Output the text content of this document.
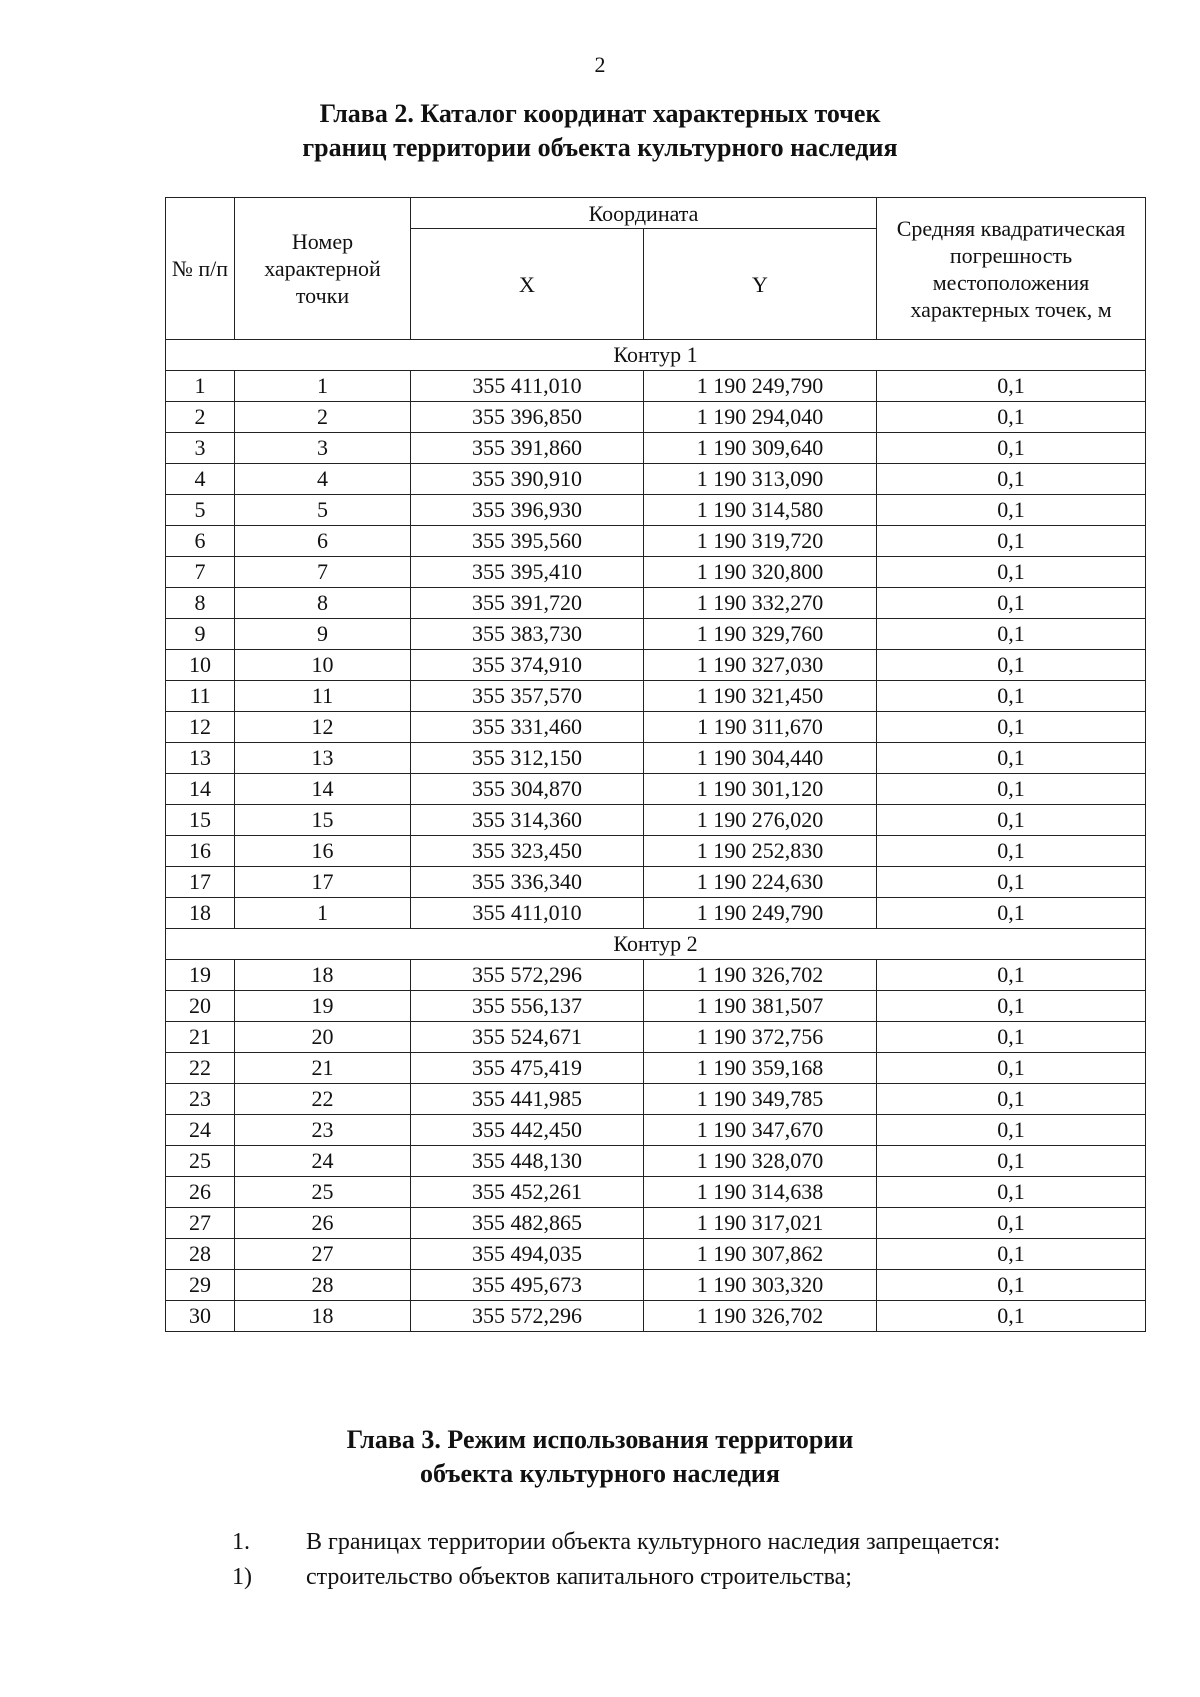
2
Глава 2. Каталог координат характерных точек
границ территории объекта культурного наследия
№ п/п	Номер характерной точки	Координата		Средняя квадратическая погрешность местоположения характерных точек, м
		X	Y	
Контур 1				
1	1	355 411,010	1 190 249,790	0,1
2	2	355 396,850	1 190 294,040	0,1
3	3	355 391,860	1 190 309,640	0,1
4	4	355 390,910	1 190 313,090	0,1
5	5	355 396,930	1 190 314,580	0,1
6	6	355 395,560	1 190 319,720	0,1
7	7	355 395,410	1 190 320,800	0,1
8	8	355 391,720	1 190 332,270	0,1
9	9	355 383,730	1 190 329,760	0,1
10	10	355 374,910	1 190 327,030	0,1
11	11	355 357,570	1 190 321,450	0,1
12	12	355 331,460	1 190 311,670	0,1
13	13	355 312,150	1 190 304,440	0,1
14	14	355 304,870	1 190 301,120	0,1
15	15	355 314,360	1 190 276,020	0,1
16	16	355 323,450	1 190 252,830	0,1
17	17	355 336,340	1 190 224,630	0,1
18	1	355 411,010	1 190 249,790	0,1
Контур 2				
19	18	355 572,296	1 190 326,702	0,1
20	19	355 556,137	1 190 381,507	0,1
21	20	355 524,671	1 190 372,756	0,1
22	21	355 475,419	1 190 359,168	0,1
23	22	355 441,985	1 190 349,785	0,1
24	23	355 442,450	1 190 347,670	0,1
25	24	355 448,130	1 190 328,070	0,1
26	25	355 452,261	1 190 314,638	0,1
27	26	355 482,865	1 190 317,021	0,1
28	27	355 494,035	1 190 307,862	0,1
29	28	355 495,673	1 190 303,320	0,1
30	18	355 572,296	1 190 326,702	0,1
Глава 3. Режим использования территории
объекта культурного наследия
1.	В границах территории объекта культурного наследия запрещается:
1)	строительство объектов капитального строительства;
